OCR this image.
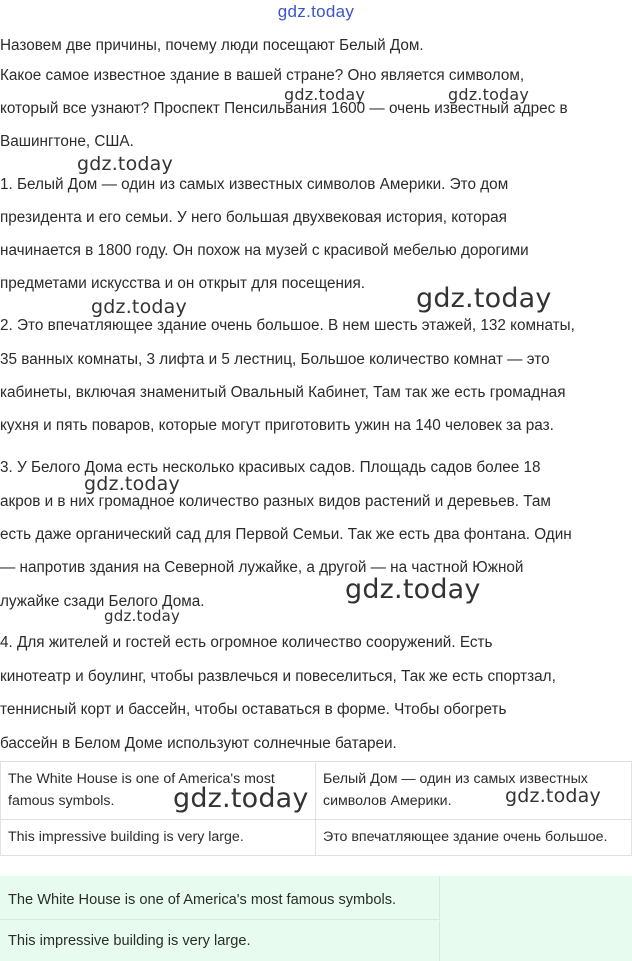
gdz.today
Назовем две причины, почему люди посещают Белый Дом.
Какое самое известное здание в вашей стране? Оно является символом,
который все узнают? Проспект Пенсильвания 1600 — очень известный адрес в
Вашингтоне, США.
1. Белый Дом — один из самых известных символов Америки. Это дом
президента и его семьи. У него большая двухвековая история, которая
начинается в 1800 году. Он похож на музей с красивой мебелью дорогими
предметами искусства и он открыт для посещения.
2. Это впечатляющее здание очень большое. В нем шесть этажей, 132 комнаты,
35 ванных комнаты, 3 лифта и 5 лестниц, Большое количество комнат — это
кабинеты, включая знаменитый Овальный Кабинет, Там так же есть громадная
кухня и пять поваров, которые могут приготовить ужин на 140 человек за раз.
3. У Белого Дома есть несколько красивых садов. Площадь садов более 18
акров и в них громадное количество разных видов растений и деревьев. Там
есть даже органический сад для Первой Семьи. Так же есть два фонтана. Один
— напротив здания на Северной лужайке, а другой — на частной Южной
лужайке сзади Белого Дома.
4. Для жителей и гостей есть огромное количество сооружений. Есть
кинотеатр и боулинг, чтобы развлечься и повеселиться, Так же есть спортзал,
теннисный корт и бассейн, чтобы оставаться в форме. Чтобы обогреть
бассейн в Белом Доме используют солнечные батареи.
gdz.today	gdz.today
gdz.today
gdz.today	gdz.today
gdz.today
gdz.today
gdz.today
The White House is one of America's most famous symbols.	Белый Дом — один из самых известных символов Америки.
This impressive building is very large.	Это впечатляющее здание очень большое.
gdz.today	gdz.today
The White House is one of America's most famous symbols.
This impressive building is very large.
